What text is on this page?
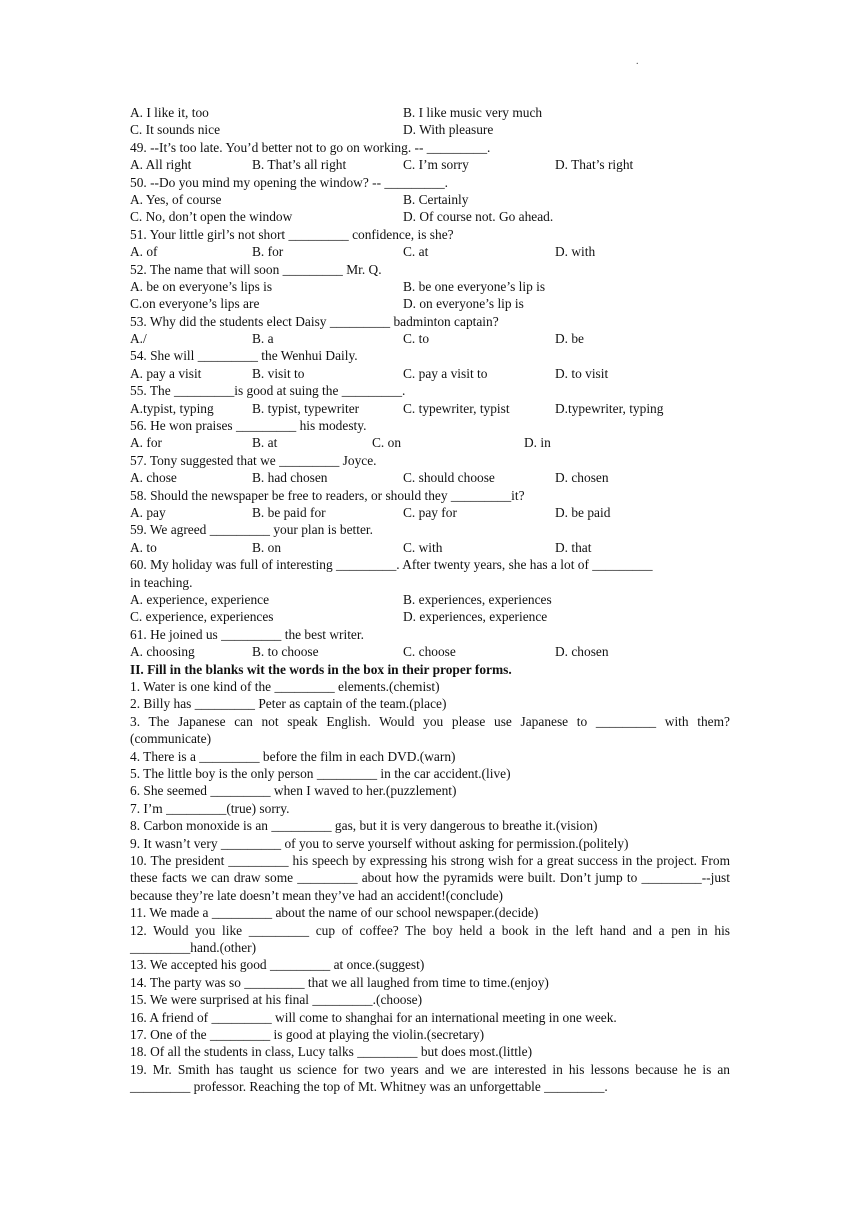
.
A. I like it, too	B. I like music very much
C. It sounds nice	D. With pleasure
49. --It’s too late. You’d better not to go on working. -- _________.
A. All right	B. That’s all right	C. I’m sorry	D. That’s right
50. --Do you mind my opening the window? -- _________.
A. Yes, of course	B. Certainly
C. No, don’t open the window	D. Of course not. Go ahead.
51. Your little girl’s not short _________ confidence, is she?
A. of	B. for	C. at	D. with
52. The name that will soon _________ Mr. Q.
A. be on everyone’s lips is	B. be one everyone’s lip is
C.on everyone’s lips are	D. on everyone’s lip is
53. Why did the students elect Daisy _________ badminton captain?
A./	B. a	C. to	D. be
54. She will _________ the Wenhui Daily.
A. pay a visit	B. visit to	C. pay a visit to	D. to visit
55. The _________is good at suing the _________.
A.typist, typing	B. typist, typewriter	C. typewriter, typist	D.typewriter, typing
56. He won praises _________ his modesty.
A. for	B. at	C. on	D. in
57. Tony suggested that we _________ Joyce.
A. chose	B. had chosen	C. should choose	D. chosen
58. Should the newspaper be free to readers, or should they _________it?
A. pay	B. be paid for	C. pay for	D. be paid
59. We agreed _________ your plan is better.
A. to	B. on	C. with	D. that
60. My holiday was full of interesting _________. After twenty years, she has a lot of _________
in teaching.
A. experience, experience	B. experiences, experiences
C. experience, experiences	D. experiences, experience
61. He joined us _________ the best writer.
A. choosing	B. to choose	C. choose	D. chosen
II. Fill in the blanks wit the words in the box in their proper forms.
1. Water is one kind of the _________ elements.(chemist)
2. Billy has _________ Peter as captain of the team.(place)
3. The Japanese can not speak English. Would you please use Japanese to _________ with them?(communicate)
4. There is a _________ before the film in each DVD.(warn)
5. The little boy is the only person _________ in the car accident.(live)
6. She seemed _________ when I waved to her.(puzzlement)
7. I’m _________(true) sorry.
8. Carbon monoxide is an _________ gas, but it is very dangerous to breathe it.(vision)
9. It wasn’t very _________ of you to serve yourself without asking for permission.(politely)
10. The president _________ his speech by expressing his strong wish for a great success in the project. From these facts we can draw some _________ about how the pyramids were built. Don’t jump to _________--just because they’re late doesn’t mean they’ve had an accident!(conclude)
11. We made a _________ about the name of our school newspaper.(decide)
12. Would you like _________ cup of coffee? The boy held a book in the left hand and a pen in his _________hand.(other)
13. We accepted his good _________ at once.(suggest)
14. The party was so _________ that we all laughed from time to time.(enjoy)
15. We were surprised at his final _________.(choose)
16. A friend of _________ will come to shanghai for an international meeting in one week.
17. One of the _________ is good at playing the violin.(secretary)
18. Of all the students in class, Lucy talks _________ but does most.(little)
19. Mr. Smith has taught us science for two years and we are interested in his lessons because he is an _________ professor. Reaching the top of Mt. Whitney was an unforgettable _________.
